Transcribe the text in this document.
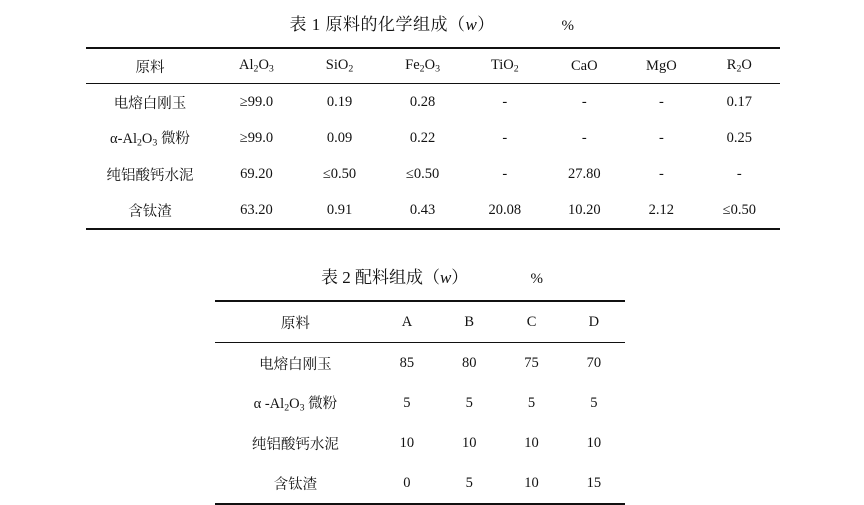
表 1 原料的化学组成（w）	%
原料	$Al_2O_3$	SiO$_2$	$Fe_2O_3$	TiO$_2$	CaO	MgO	$R_2O$
电熔白刚玉	≥99.0	0.19	0.28	-	-	-	0.17
$\alpha-Al_2O_3$ 微粉	≥99.0	0.09	0.22	-	-	-	0.25
纯铝酸钙水泥	69.20	≤0.50	≤0.50	-	27.80	-	-
含钛渣	63.20	0.91	0.43	20.08	10.20	2.12	≤0.50
表 2 配料组成（w）	%
原料	A	B	C	D
电熔白刚玉	85	80	75	70
α $-Al_2O_3$ 微粉	5	5	5	5
纯铝酸钙水泥	10	10	10	10
含钛渣	0	5	10	15
